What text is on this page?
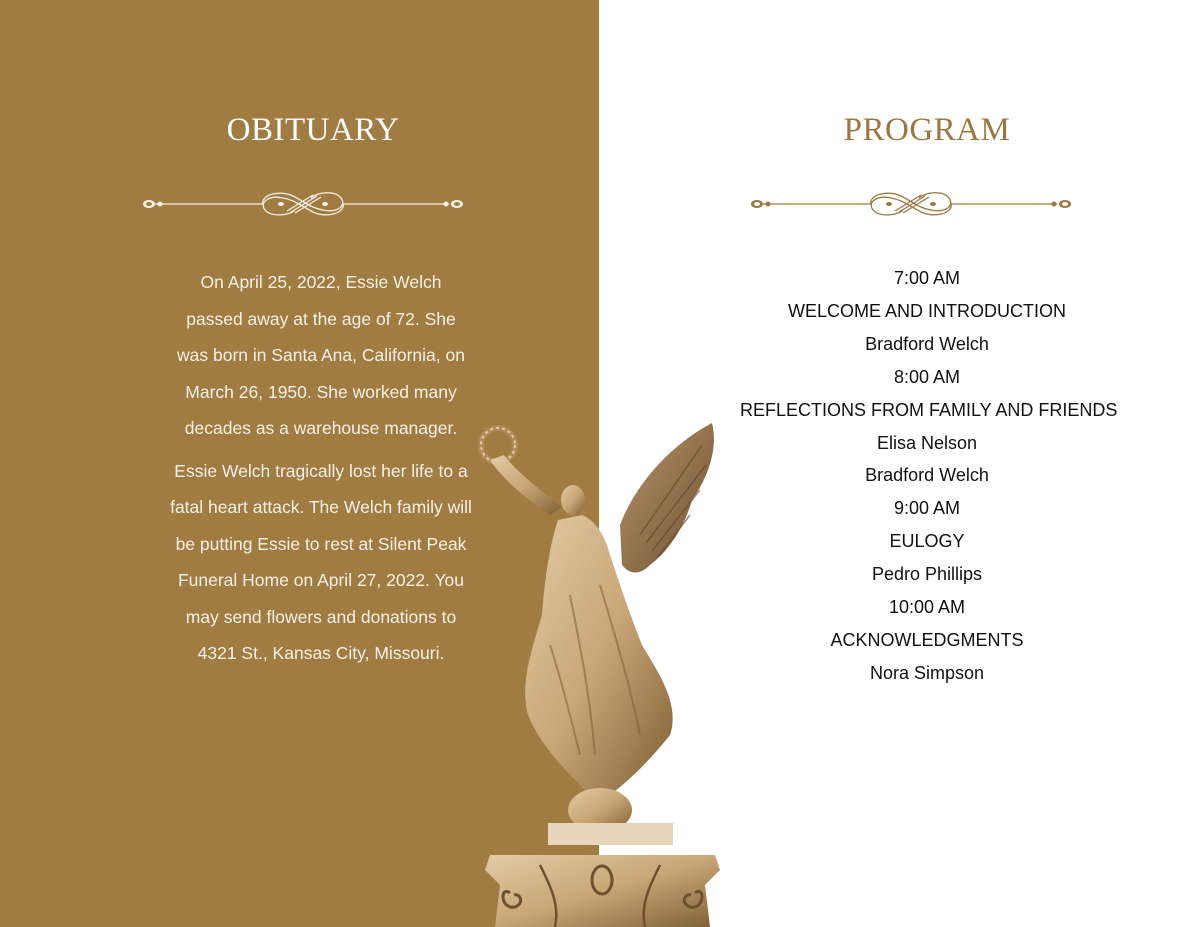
OBITUARY

On April 25, 2022, Essie Welch passed away at the age of 72. She was born in Santa Ana, California, on March 26, 1950. She worked many decades as a warehouse manager.

Essie Welch tragically lost her life to a fatal heart attack. The Welch family will be putting Essie to rest at Silent Peak Funeral Home on April 27, 2022. You may send flowers and donations to 4321 St., Kansas City, Missouri.

PROGRAM
7:00 AM
WELCOME AND INTRODUCTION
Bradford Welch
8:00 AM
REFLECTIONS FROM FAMILY AND FRIENDS
Elisa Nelson
Bradford Welch
9:00 AM
EULOGY
Pedro Phillips
10:00 AM
ACKNOWLEDGMENTS
Nora Simpson
